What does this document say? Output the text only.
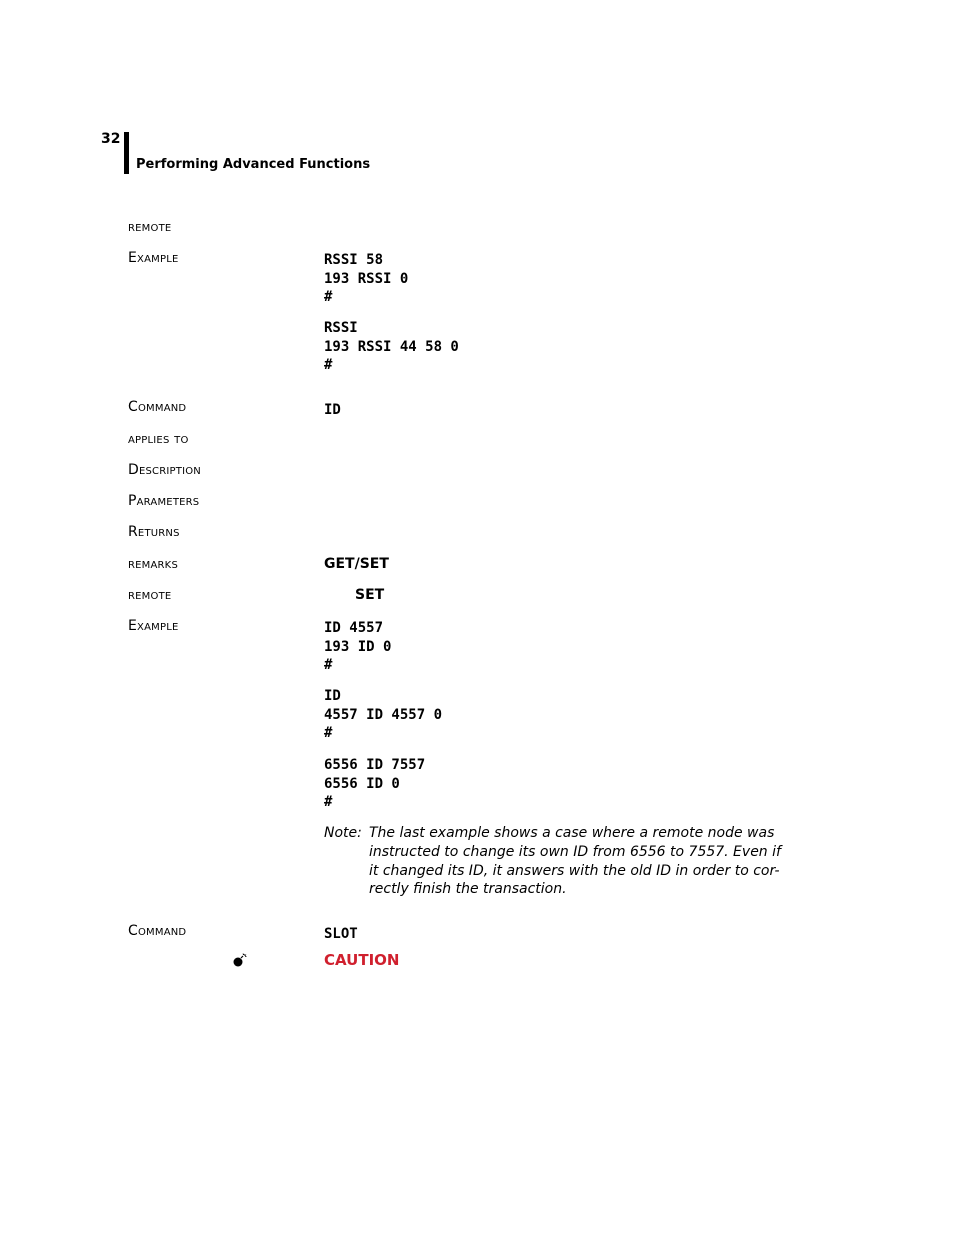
32
Performing Advanced Functions
remote
Example	RSSI 58
193 RSSI 0
#
RSSI
193 RSSI 44 58 0
#
Command	ID
applies to
Description
Parameters
Returns
remarks	GET/SET
remote	SET
Example	ID 4557
193 ID 0
#
ID
4557 ID 4557 0
#
6556 ID 7557
6556 ID 0
#
Note: The last example shows a case where a remote node was instructed to change its own ID from 6556 to 7557. Even if it changed its ID, it answers with the old ID in order to cor-rectly finish the transaction.
Command	SLOT
CAUTION
